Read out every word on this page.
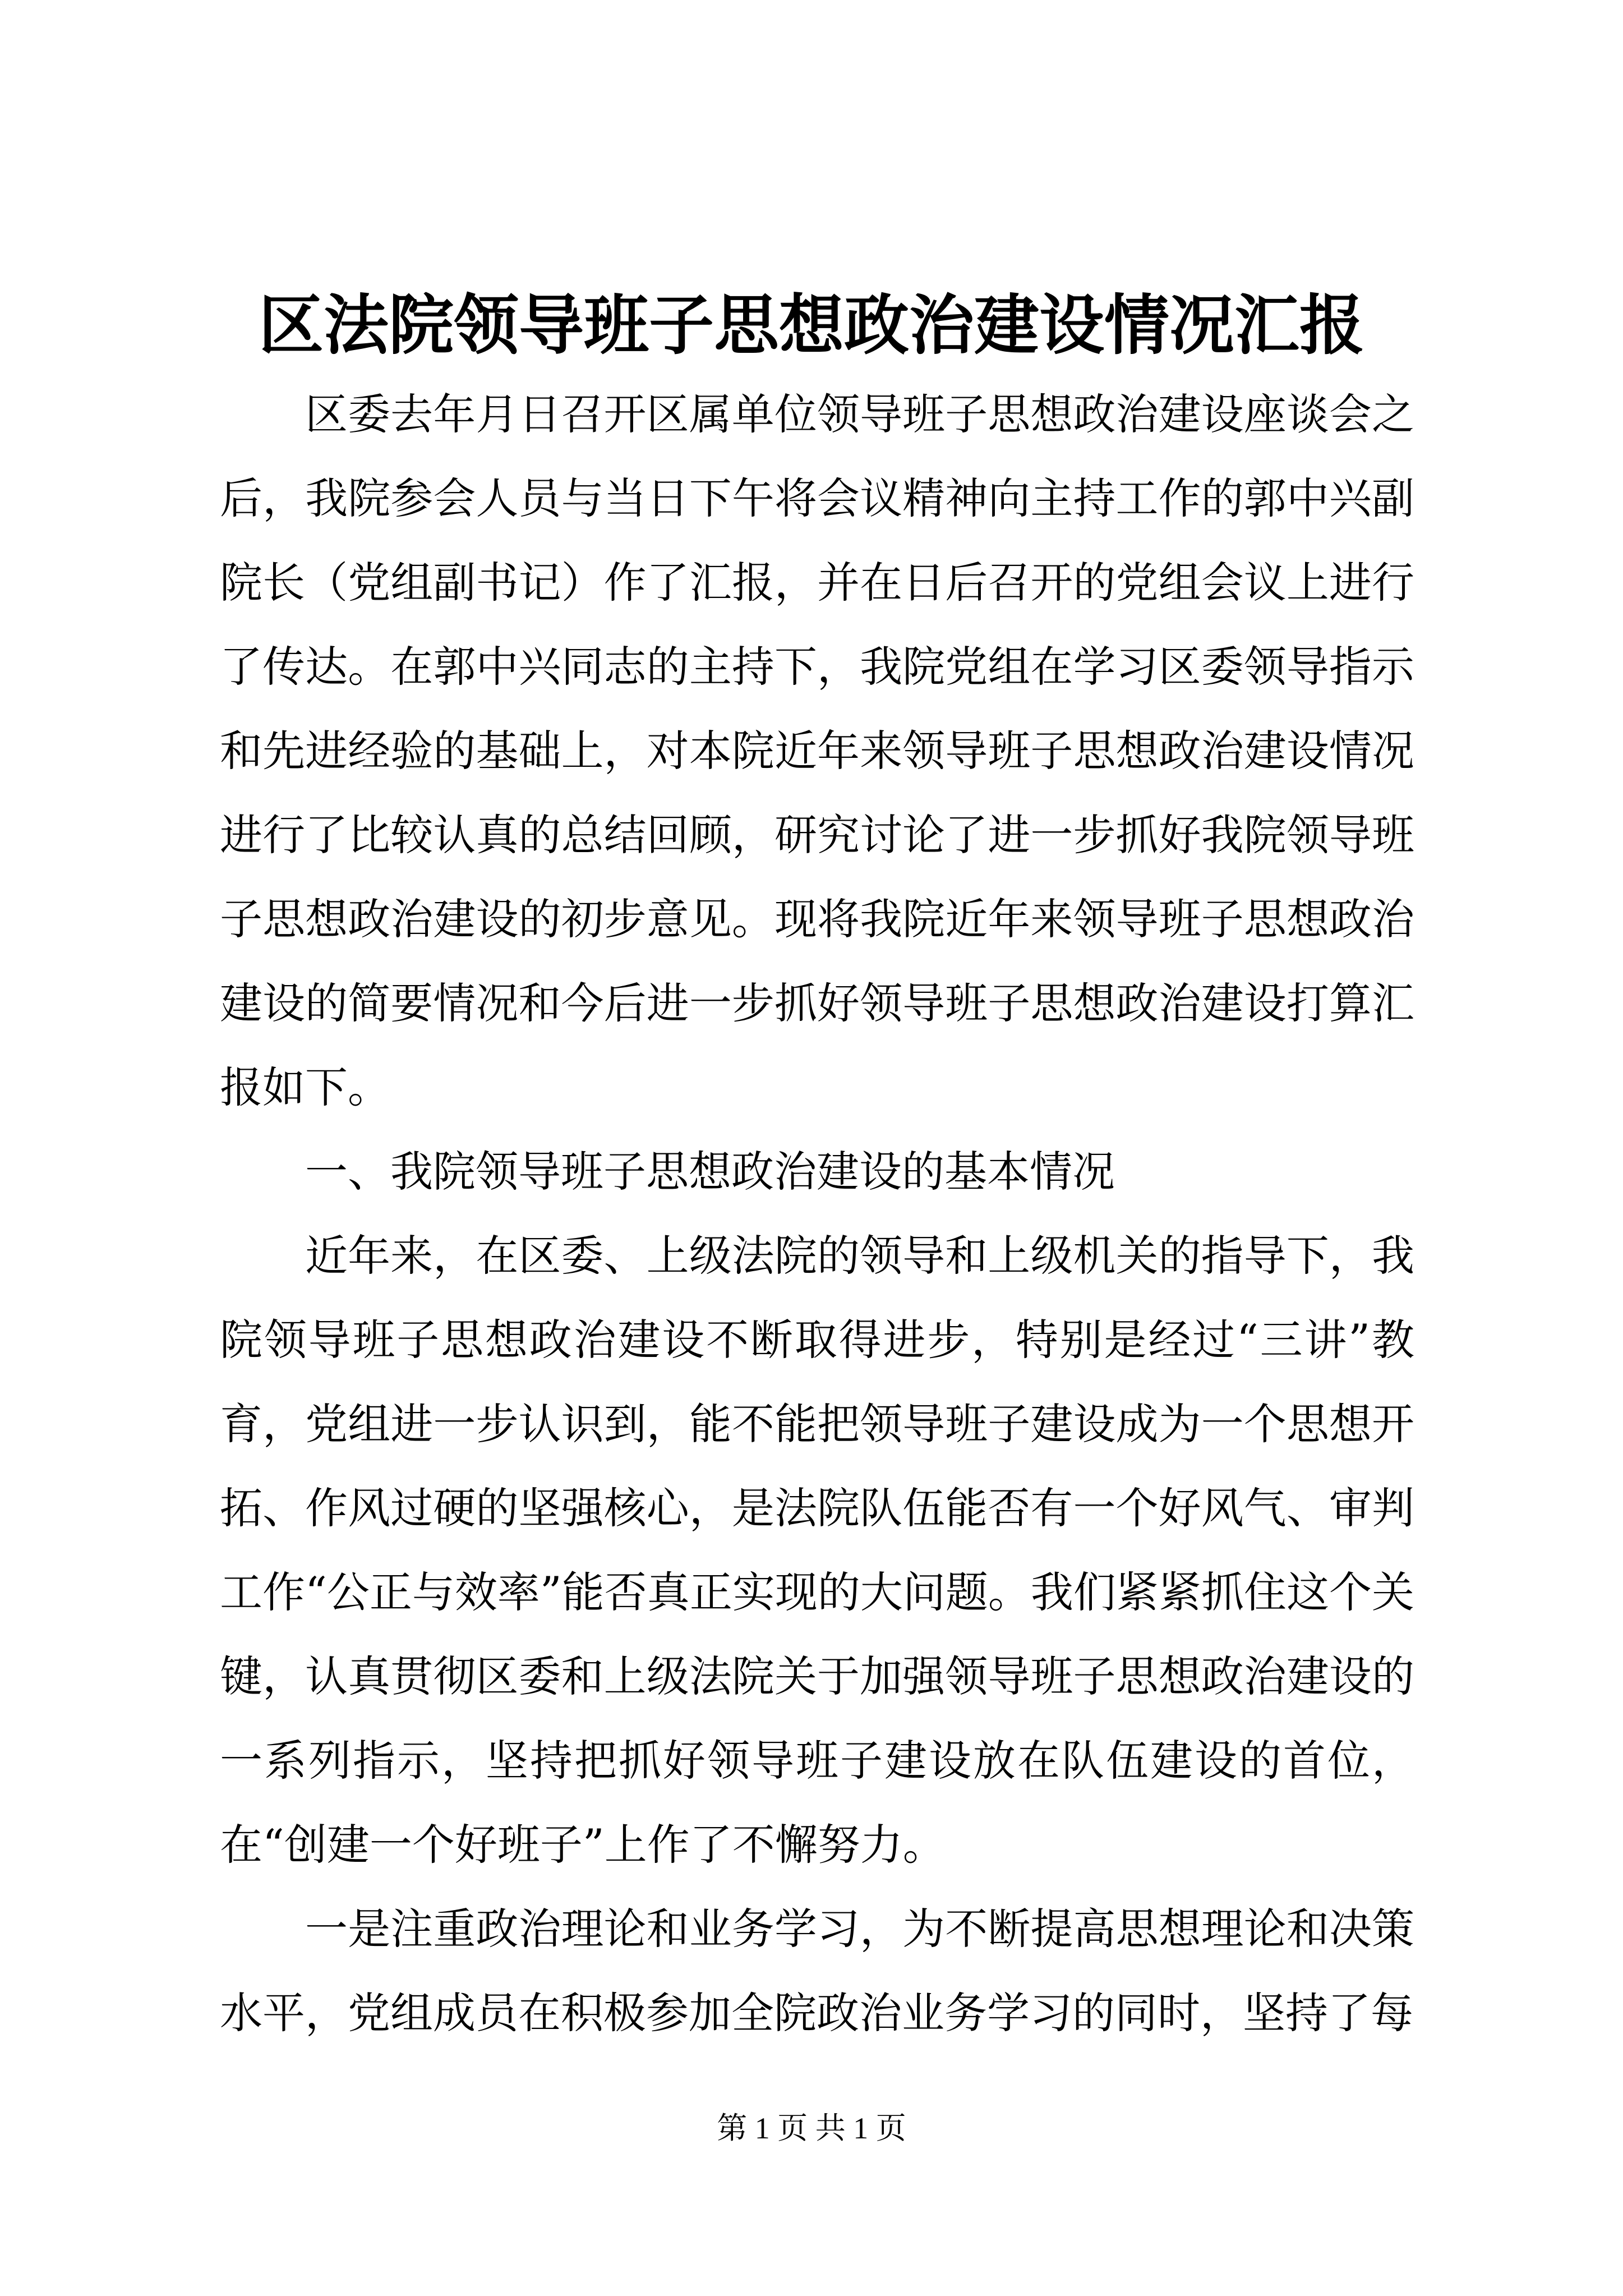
区法院领导班子思想政治建设情况汇报

区委去年月日召开区属单位领导班子思想政治建设座谈会之后，我院参会人员与当日下午将会议精神向主持工作的郭中兴副院长（党组副书记）作了汇报，并在日后召开的党组会议上进行了传达。在郭中兴同志的主持下，我院党组在学习区委领导指示和先进经验的基础上，对本院近年来领导班子思想政治建设情况进行了比较认真的总结回顾，研究讨论了进一步抓好我院领导班子思想政治建设的初步意见。现将我院近年来领导班子思想政治建设的简要情况和今后进一步抓好领导班子思想政治建设打算汇报如下。

一、我院领导班子思想政治建设的基本情况

近年来，在区委、上级法院的领导和上级机关的指导下，我院领导班子思想政治建设不断取得进步，特别是经过“三讲”教育，党组进一步认识到，能不能把领导班子建设成为一个思想开拓、作风过硬的坚强核心，是法院队伍能否有一个好风气、审判工作“公正与效率”能否真正实现的大问题。我们紧紧抓住这个关键，认真贯彻区委和上级法院关于加强领导班子思想政治建设的一系列指示，坚持把抓好领导班子建设放在队伍建设的首位，在“创建一个好班子”上作了不懈努力。

一是注重政治理论和业务学习，为不断提高思想理论和决策水平，党组成员在积极参加全院政治业务学习的同时，坚持了每

第 1 页 共 1 页
